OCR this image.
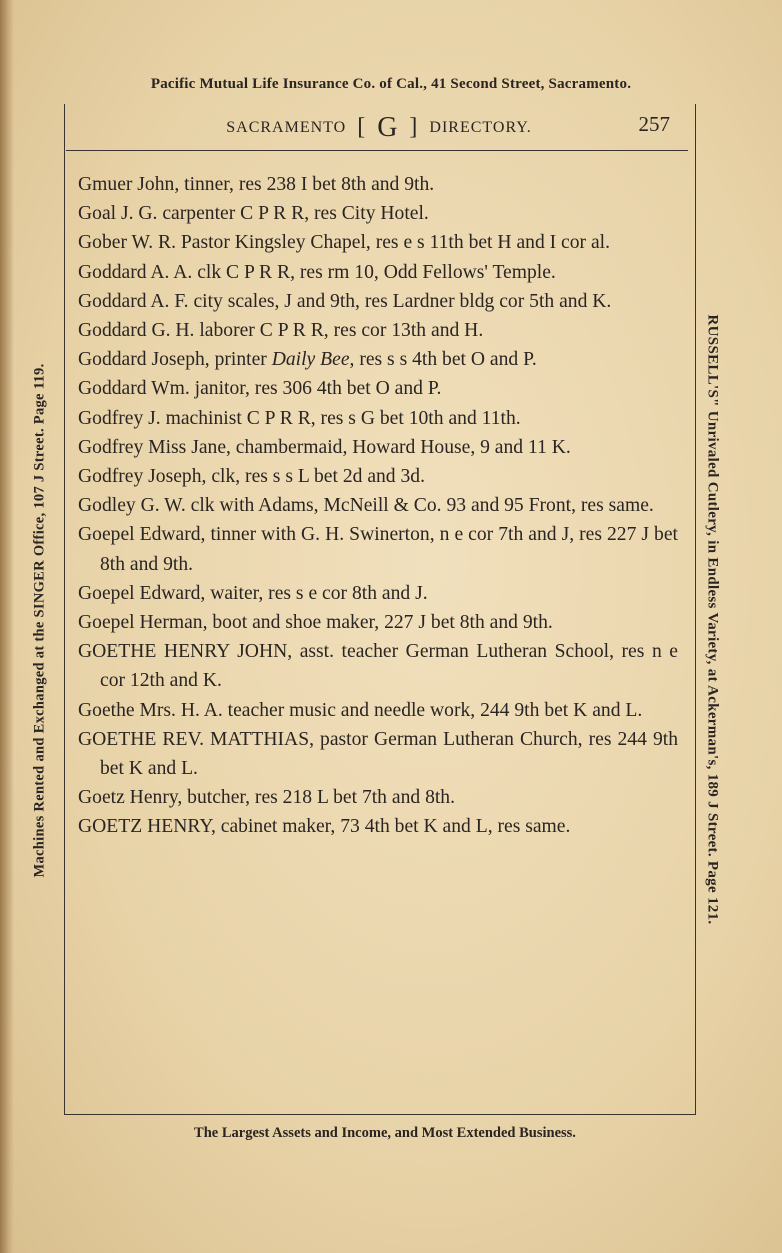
Pacific Mutual Life Insurance Co. of Cal., 41 Second Street, Sacramento.
Machines Rented and Exchanged at the SINGER Office, 107 J Street. Page 119.	RUSSELL'S" Unrivaled Cutlery, in Endless Variety, at Ackerman's, 189 J Street. Page 121.
SACRAMENTO [ G ] DIRECTORY.	257
Gmuer John, tinner, res 238 I bet 8th and 9th.
Goal J. G. carpenter C P R R, res City Hotel.
Gober W. R. Pastor Kingsley Chapel, res e s 11th bet H and I cor al.
Goddard A. A. clk C P R R, res rm 10, Odd Fellows' Temple.
Goddard A. F. city scales, J and 9th, res Lardner bldg cor 5th and K.
Goddard G. H. laborer C P R R, res cor 13th and H.
Goddard Joseph, printer Daily Bee, res s s 4th bet O and P.
Goddard Wm. janitor, res 306 4th bet O and P.
Godfrey J. machinist C P R R, res s G bet 10th and 11th.
Godfrey Miss Jane, chambermaid, Howard House, 9 and 11 K.
Godfrey Joseph, clk, res s s L bet 2d and 3d.
Godley G. W. clk with Adams, McNeill & Co. 93 and 95 Front, res same.
Goepel Edward, tinner with G. H. Swinerton, n e cor 7th and J, res 227 J bet 8th and 9th.
Goepel Edward, waiter, res s e cor 8th and J.
Goepel Herman, boot and shoe maker, 227 J bet 8th and 9th.
GOETHE HENRY JOHN, asst. teacher German Lutheran School, res n e cor 12th and K.
Goethe Mrs. H. A. teacher music and needle work, 244 9th bet K and L.
GOETHE REV. MATTHIAS, pastor German Lutheran Church, res 244 9th bet K and L.
Goetz Henry, butcher, res 218 L bet 7th and 8th.
GOETZ HENRY, cabinet maker, 73 4th bet K and L, res same.
The Largest Assets and Income, and Most Extended Business.
